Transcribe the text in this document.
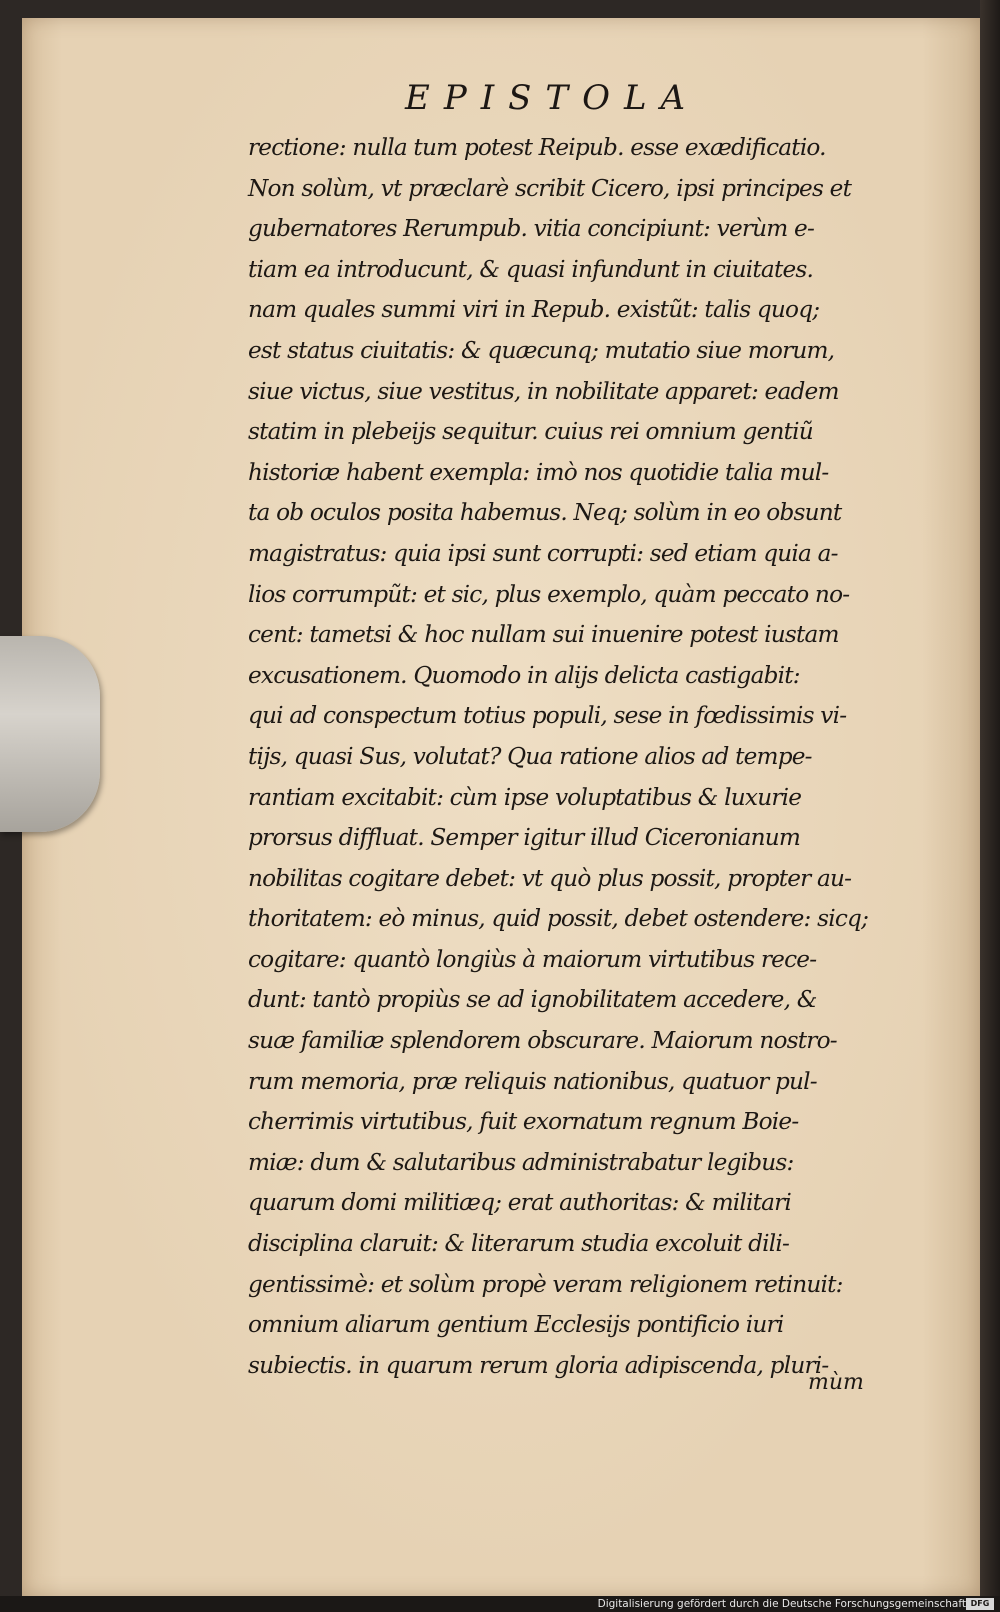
EPISTOLA
rectione: nulla tum potest Reipub. esse exædificatio.
Non solùm, vt præclarè scribit Cicero, ipsi principes et
gubernatores Rerumpub. vitia concipiunt: verùm e-
tiam ea introducunt, & quasi infundunt in ciuitates.
nam quales summi viri in Repub. existũt: talis quoq;
est status ciuitatis: & quæcunq; mutatio siue morum,
siue victus, siue vestitus, in nobilitate apparet: eadem
statim in plebeijs sequitur. cuius rei omnium gentiũ
historiæ habent exempla: imò nos quotidie talia mul-
ta ob oculos posita habemus. Neq; solùm in eo obsunt
magistratus: quia ipsi sunt corrupti: sed etiam quia a-
lios corrumpũt: et sic, plus exemplo, quàm peccato no-
cent: tametsi & hoc nullam sui inuenire potest iustam
excusationem. Quomodo in alijs delicta castigabit:
qui ad conspectum totius populi, sese in fœdissimis vi-
tijs, quasi Sus, volutat? Qua ratione alios ad tempe-
rantiam excitabit: cùm ipse voluptatibus & luxurie
prorsus diffluat. Semper igitur illud Ciceronianum
nobilitas cogitare debet: vt quò plus possit, propter au-
thoritatem: eò minus, quid possit, debet ostendere: sicq;
cogitare: quantò longiùs à maiorum virtutibus rece-
dunt: tantò propiùs se ad ignobilitatem accedere, &
suæ familiæ splendorem obscurare. Maiorum nostro-
rum memoria, præ reliquis nationibus, quatuor pul-
cherrimis virtutibus, fuit exornatum regnum Boie-
miæ: dum & salutaribus administrabatur legibus:
quarum domi militiæq; erat authoritas: & militari
disciplina claruit: & literarum studia excoluit dili-
gentissimè: et solùm propè veram religionem retinuit:
omnium aliarum gentium Ecclesijs pontificio iuri
subiectis. in quarum rerum gloria adipiscenda, pluri-
mùm
Digitalisierung gefördert durch die Deutsche Forschungsgemeinschaft DFG
